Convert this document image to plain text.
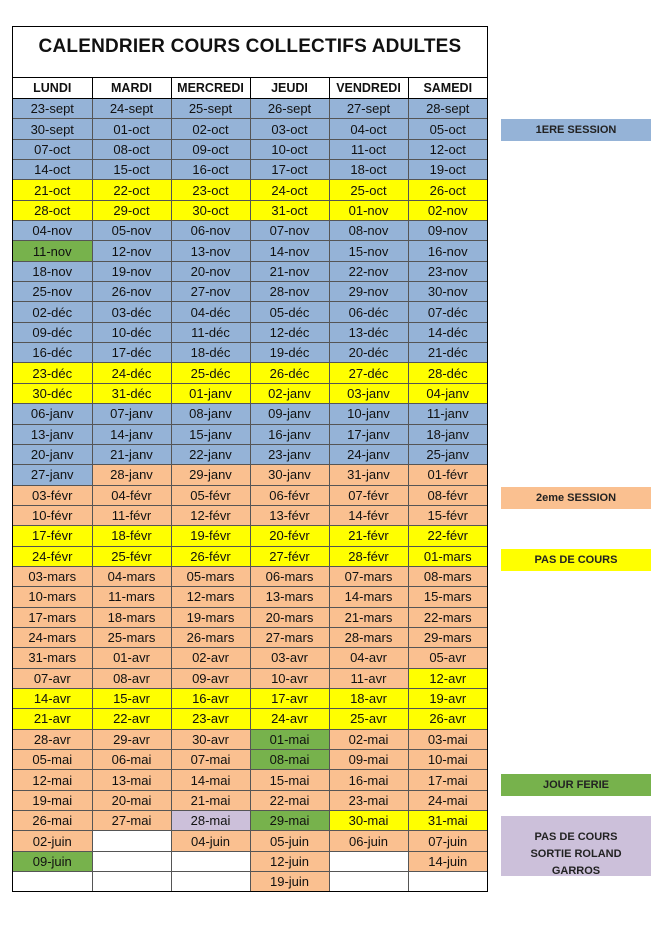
CALENDRIER COURS COLLECTIFS ADULTES
LUNDI	MARDI	MERCREDI	JEUDI	VENDREDI	SAMEDI
23-sept	24-sept	25-sept	26-sept	27-sept	28-sept
30-sept	01-oct	02-oct	03-oct	04-oct	05-oct
07-oct	08-oct	09-oct	10-oct	11-oct	12-oct
14-oct	15-oct	16-oct	17-oct	18-oct	19-oct
21-oct	22-oct	23-oct	24-oct	25-oct	26-oct
28-oct	29-oct	30-oct	31-oct	01-nov	02-nov
04-nov	05-nov	06-nov	07-nov	08-nov	09-nov
11-nov	12-nov	13-nov	14-nov	15-nov	16-nov
18-nov	19-nov	20-nov	21-nov	22-nov	23-nov
25-nov	26-nov	27-nov	28-nov	29-nov	30-nov
02-déc	03-déc	04-déc	05-déc	06-déc	07-déc
09-déc	10-déc	11-déc	12-déc	13-déc	14-déc
16-déc	17-déc	18-déc	19-déc	20-déc	21-déc
23-déc	24-déc	25-déc	26-déc	27-déc	28-déc
30-déc	31-déc	01-janv	02-janv	03-janv	04-janv
06-janv	07-janv	08-janv	09-janv	10-janv	11-janv
13-janv	14-janv	15-janv	16-janv	17-janv	18-janv
20-janv	21-janv	22-janv	23-janv	24-janv	25-janv
27-janv	28-janv	29-janv	30-janv	31-janv	01-févr
03-févr	04-févr	05-févr	06-févr	07-févr	08-févr
10-févr	11-févr	12-févr	13-févr	14-févr	15-févr
17-févr	18-févr	19-févr	20-févr	21-févr	22-févr
24-févr	25-févr	26-févr	27-févr	28-févr	01-mars
03-mars	04-mars	05-mars	06-mars	07-mars	08-mars
10-mars	11-mars	12-mars	13-mars	14-mars	15-mars
17-mars	18-mars	19-mars	20-mars	21-mars	22-mars
24-mars	25-mars	26-mars	27-mars	28-mars	29-mars
31-mars	01-avr	02-avr	03-avr	04-avr	05-avr
07-avr	08-avr	09-avr	10-avr	11-avr	12-avr
14-avr	15-avr	16-avr	17-avr	18-avr	19-avr
21-avr	22-avr	23-avr	24-avr	25-avr	26-avr
28-avr	29-avr	30-avr	01-mai	02-mai	03-mai
05-mai	06-mai	07-mai	08-mai	09-mai	10-mai
12-mai	13-mai	14-mai	15-mai	16-mai	17-mai
19-mai	20-mai	21-mai	22-mai	23-mai	24-mai
26-mai	27-mai	28-mai	29-mai	30-mai	31-mai
02-juin		04-juin	05-juin	06-juin	07-juin
09-juin			12-juin		14-juin
			19-juin		
1ERE SESSION
2eme SESSION
PAS DE COURS
JOUR FERIE
PAS DE COURS SORTIE ROLAND GARROS
